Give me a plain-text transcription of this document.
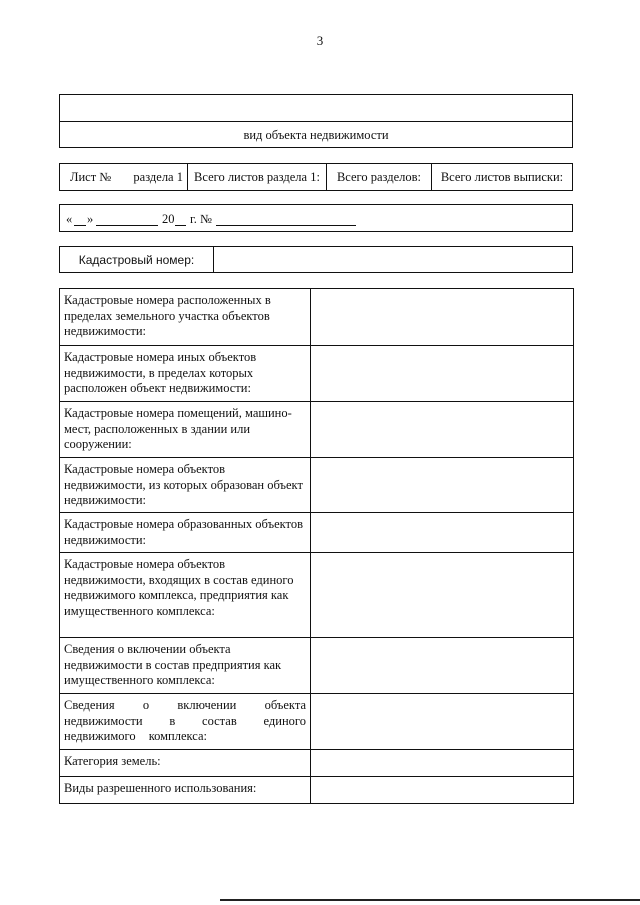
3
вид объекта недвижимости
Лист № раздела 1 Всего листов раздела 1:	Всего разделов:	Всего листов выписки:
« »	20 г. №
Кадастровый номер:
Кадастровые номера расположенных в пределах земельного участка объектов недвижимости:	
Кадастровые номера иных объектов недвижимости, в пределах которых расположен объект недвижимости:	
Кадастровые номера помещений, машино-мест, расположенных в здании или сооружении:	
Кадастровые номера объектов недвижимости, из которых образован объект недвижимости:	
Кадастровые номера образованных объектов недвижимости:	
Кадастровые номера объектов недвижимости, входящих в состав единого недвижимого комплекса, предприятия как имущественного комплекса:	
Сведения о включении объекта недвижимости в состав предприятия как имущественного комплекса:	
Сведения о включении объекта недвижимости в состав единого недвижимого комплекса:	
Категория земель:	
Виды разрешенного использования:	
